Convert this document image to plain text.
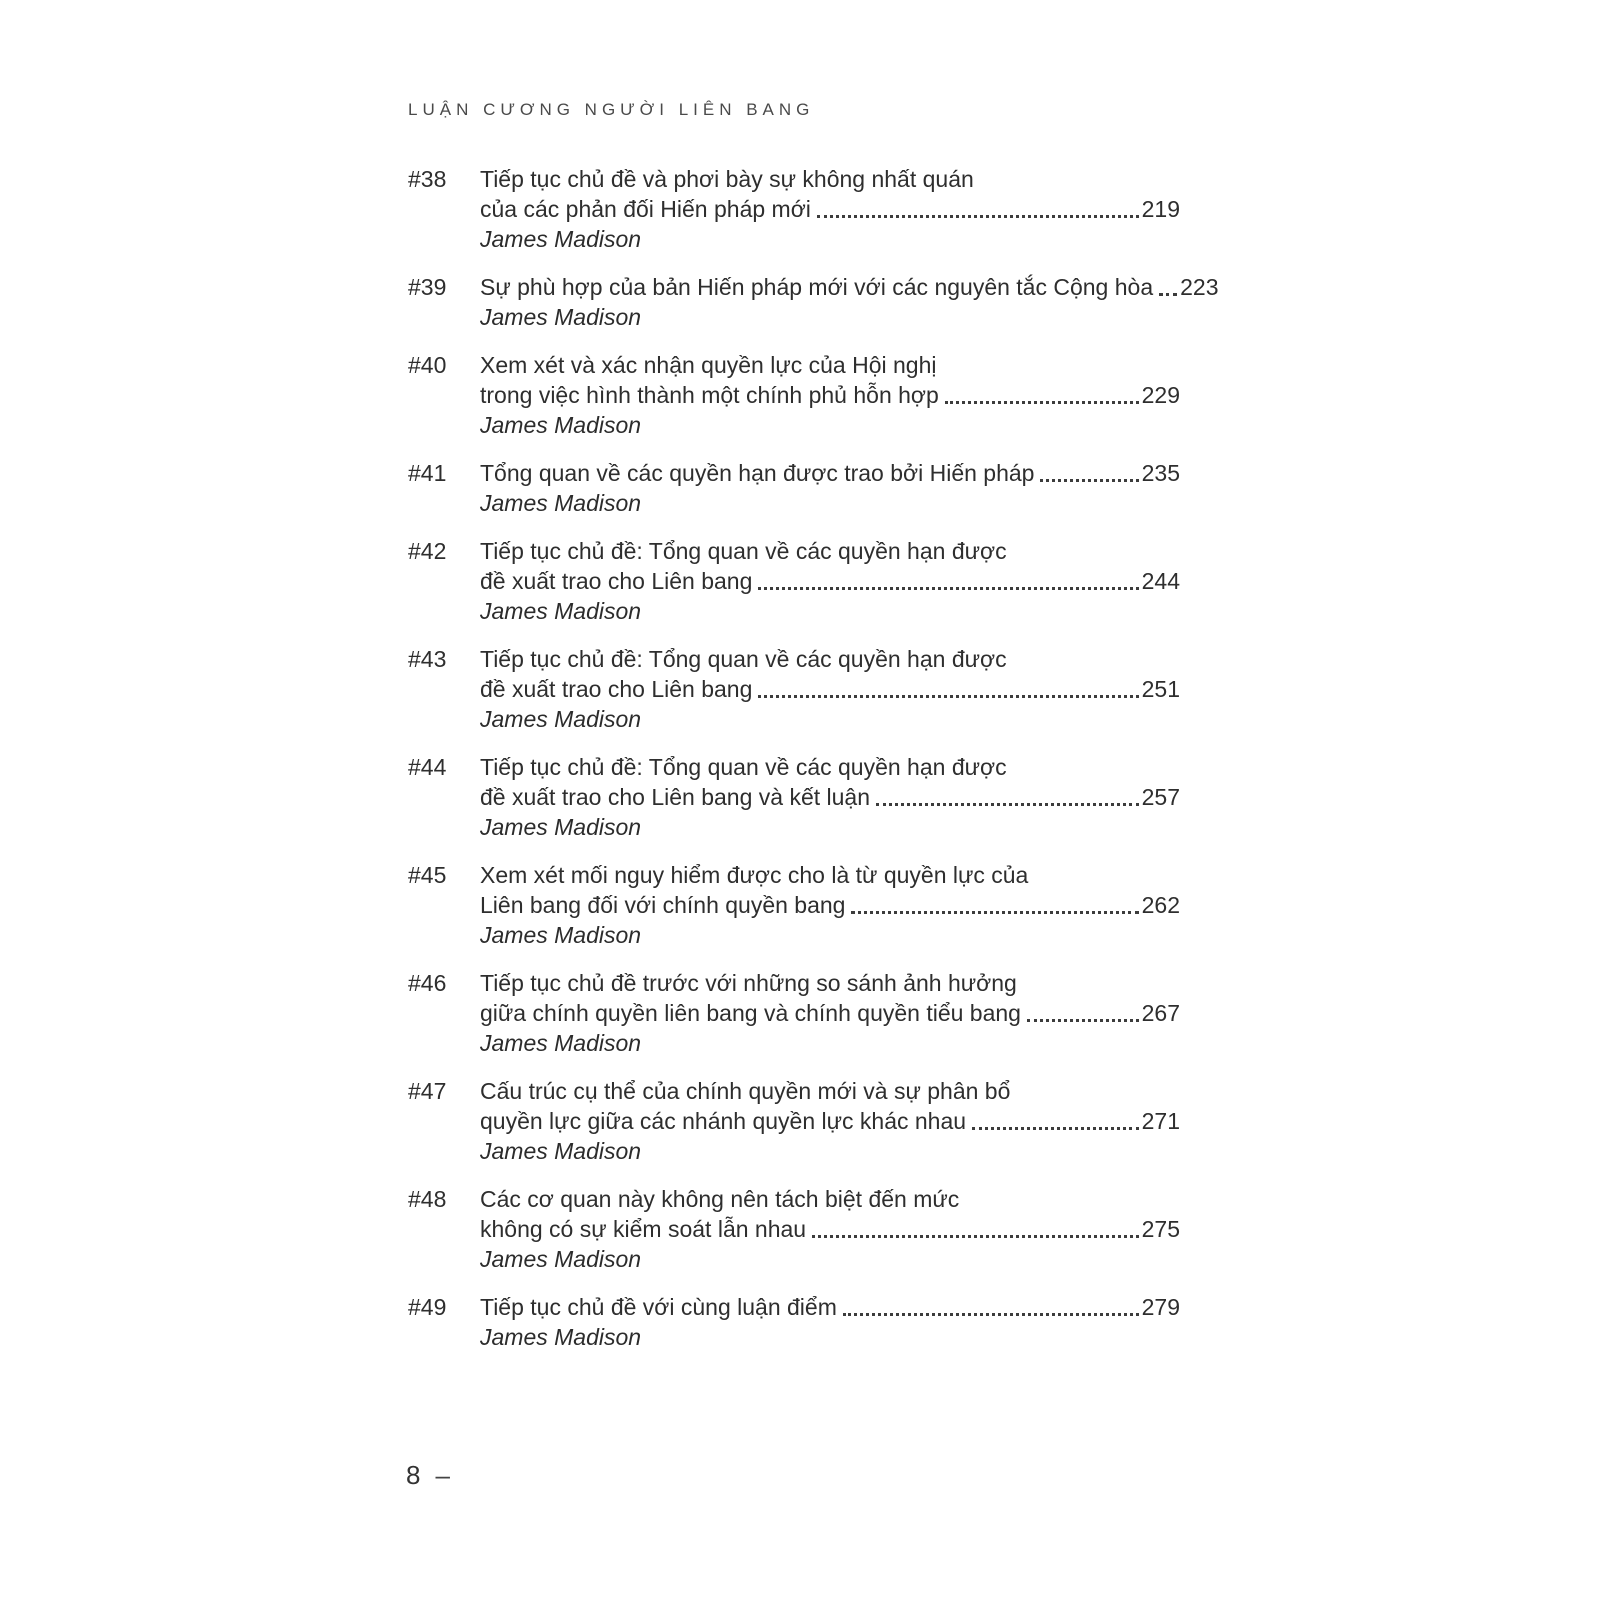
LUẬN CƯƠNG NGƯỜI LIÊN BANG
#38	Tiếp tục chủ đề và phơi bày sự không nhất quán
của các phản đối Hiến pháp mới	219
James Madison
#39	Sự phù hợp của bản Hiến pháp mới với các nguyên tắc Cộng hòa 223
James Madison
#40	Xem xét và xác nhận quyền lực của Hội nghị
trong việc hình thành một chính phủ hỗn hợp	229
James Madison
#41	Tổng quan về các quyền hạn được trao bởi Hiến pháp	235
James Madison
#42	Tiếp tục chủ đề: Tổng quan về các quyền hạn được
đề xuất trao cho Liên bang	244
James Madison
#43	Tiếp tục chủ đề: Tổng quan về các quyền hạn được
đề xuất trao cho Liên bang	251
James Madison
#44	Tiếp tục chủ đề: Tổng quan về các quyền hạn được
đề xuất trao cho Liên bang và kết luận	257
James Madison
#45	Xem xét mối nguy hiểm được cho là từ quyền lực của
Liên bang đối với chính quyền bang	262
James Madison
#46	Tiếp tục chủ đề trước với những so sánh ảnh hưởng
giữa chính quyền liên bang và chính quyền tiểu bang	267
James Madison
#47	Cấu trúc cụ thể của chính quyền mới và sự phân bổ
quyền lực giữa các nhánh quyền lực khác nhau	271
James Madison
#48	Các cơ quan này không nên tách biệt đến mức
không có sự kiểm soát lẫn nhau	275
James Madison
#49	Tiếp tục chủ đề với cùng luận điểm	279
James Madison
8 –
